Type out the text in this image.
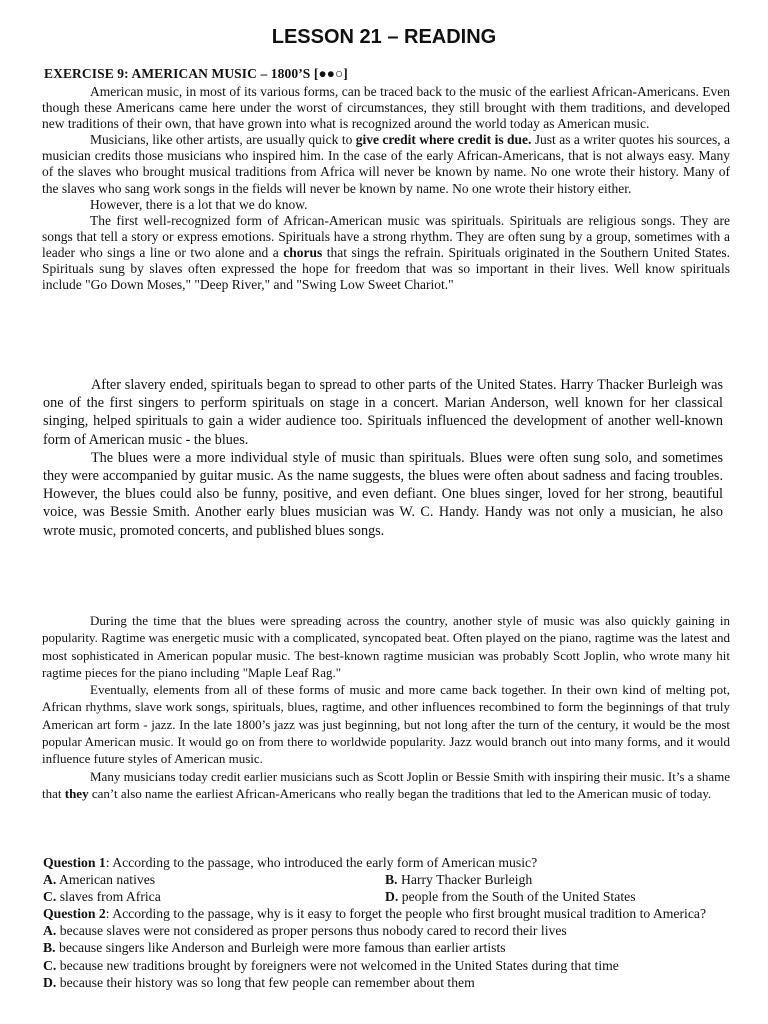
LESSON 21 – READING
EXERCISE 9: AMERICAN MUSIC – 1800’S [●●○]

American music, in most of its various forms, can be traced back to the music of the earliest African-Americans. Even though these Americans came here under the worst of circumstances, they still brought with them traditions, and developed new traditions of their own, that have grown into what is recognized around the world today as American music.

Musicians, like other artists, are usually quick to give credit where credit is due. Just as a writer quotes his sources, a musician credits those musicians who inspired him. In the case of the early African-Americans, that is not always easy. Many of the slaves who brought musical traditions from Africa will never be known by name. No one wrote their history. Many of the slaves who sang work songs in the fields will never be known by name. No one wrote their history either.

However, there is a lot that we do know.

The first well-recognized form of African-American music was spirituals. Spirituals are religious songs. They are songs that tell a story or express emotions. Spirituals have a strong rhythm. They are often sung by a group, sometimes with a leader who sings a line or two alone and a chorus that sings the refrain. Spirituals originated in the Southern United States. Spirituals sung by slaves often expressed the hope for freedom that was so important in their lives. Well know spirituals include "Go Down Moses," "Deep River," and "Swing Low Sweet Chariot."

After slavery ended, spirituals began to spread to other parts of the United States. Harry Thacker Burleigh was one of the first singers to perform spirituals on stage in a concert. Marian Anderson, well known for her classical singing, helped spirituals to gain a wider audience too. Spirituals influenced the development of another well-known form of American music - the blues.

The blues were a more individual style of music than spirituals. Blues were often sung solo, and sometimes they were accompanied by guitar music. As the name suggests, the blues were often about sadness and facing troubles. However, the blues could also be funny, positive, and even defiant. One blues singer, loved for her strong, beautiful voice, was Bessie Smith. Another early blues musician was W. C. Handy. Handy was not only a musician, he also wrote music, promoted concerts, and published blues songs.

During the time that the blues were spreading across the country, another style of music was also quickly gaining in popularity. Ragtime was energetic music with a complicated, syncopated beat. Often played on the piano, ragtime was the latest and most sophisticated in American popular music. The best-known ragtime musician was probably Scott Joplin, who wrote many hit ragtime pieces for the piano including "Maple Leaf Rag."

Eventually, elements from all of these forms of music and more came back together. In their own kind of melting pot, African rhythms, slave work songs, spirituals, blues, ragtime, and other influences recombined to form the beginnings of that truly American art form - jazz. In the late 1800’s jazz was just beginning, but not long after the turn of the century, it would be the most popular American music. It would go on from there to worldwide popularity. Jazz would branch out into many forms, and it would influence future styles of American music.

Many musicians today credit earlier musicians such as Scott Joplin or Bessie Smith with inspiring their music. It’s a shame that they can’t also name the earliest African-Americans who really began the traditions that led to the American music of today.

Question 1: According to the passage, who introduced the early form of American music?

A. American natives	B. Harry Thacker Burleigh
C. slaves from Africa	D. people from the South of the United States

Question 2: According to the passage, why is it easy to forget the people who first brought musical tradition to America?

A. because slaves were not considered as proper persons thus nobody cared to record their lives

B. because singers like Anderson and Burleigh were more famous than earlier artists

C. because new traditions brought by foreigners were not welcomed in the United States during that time

D. because their history was so long that few people can remember about them
